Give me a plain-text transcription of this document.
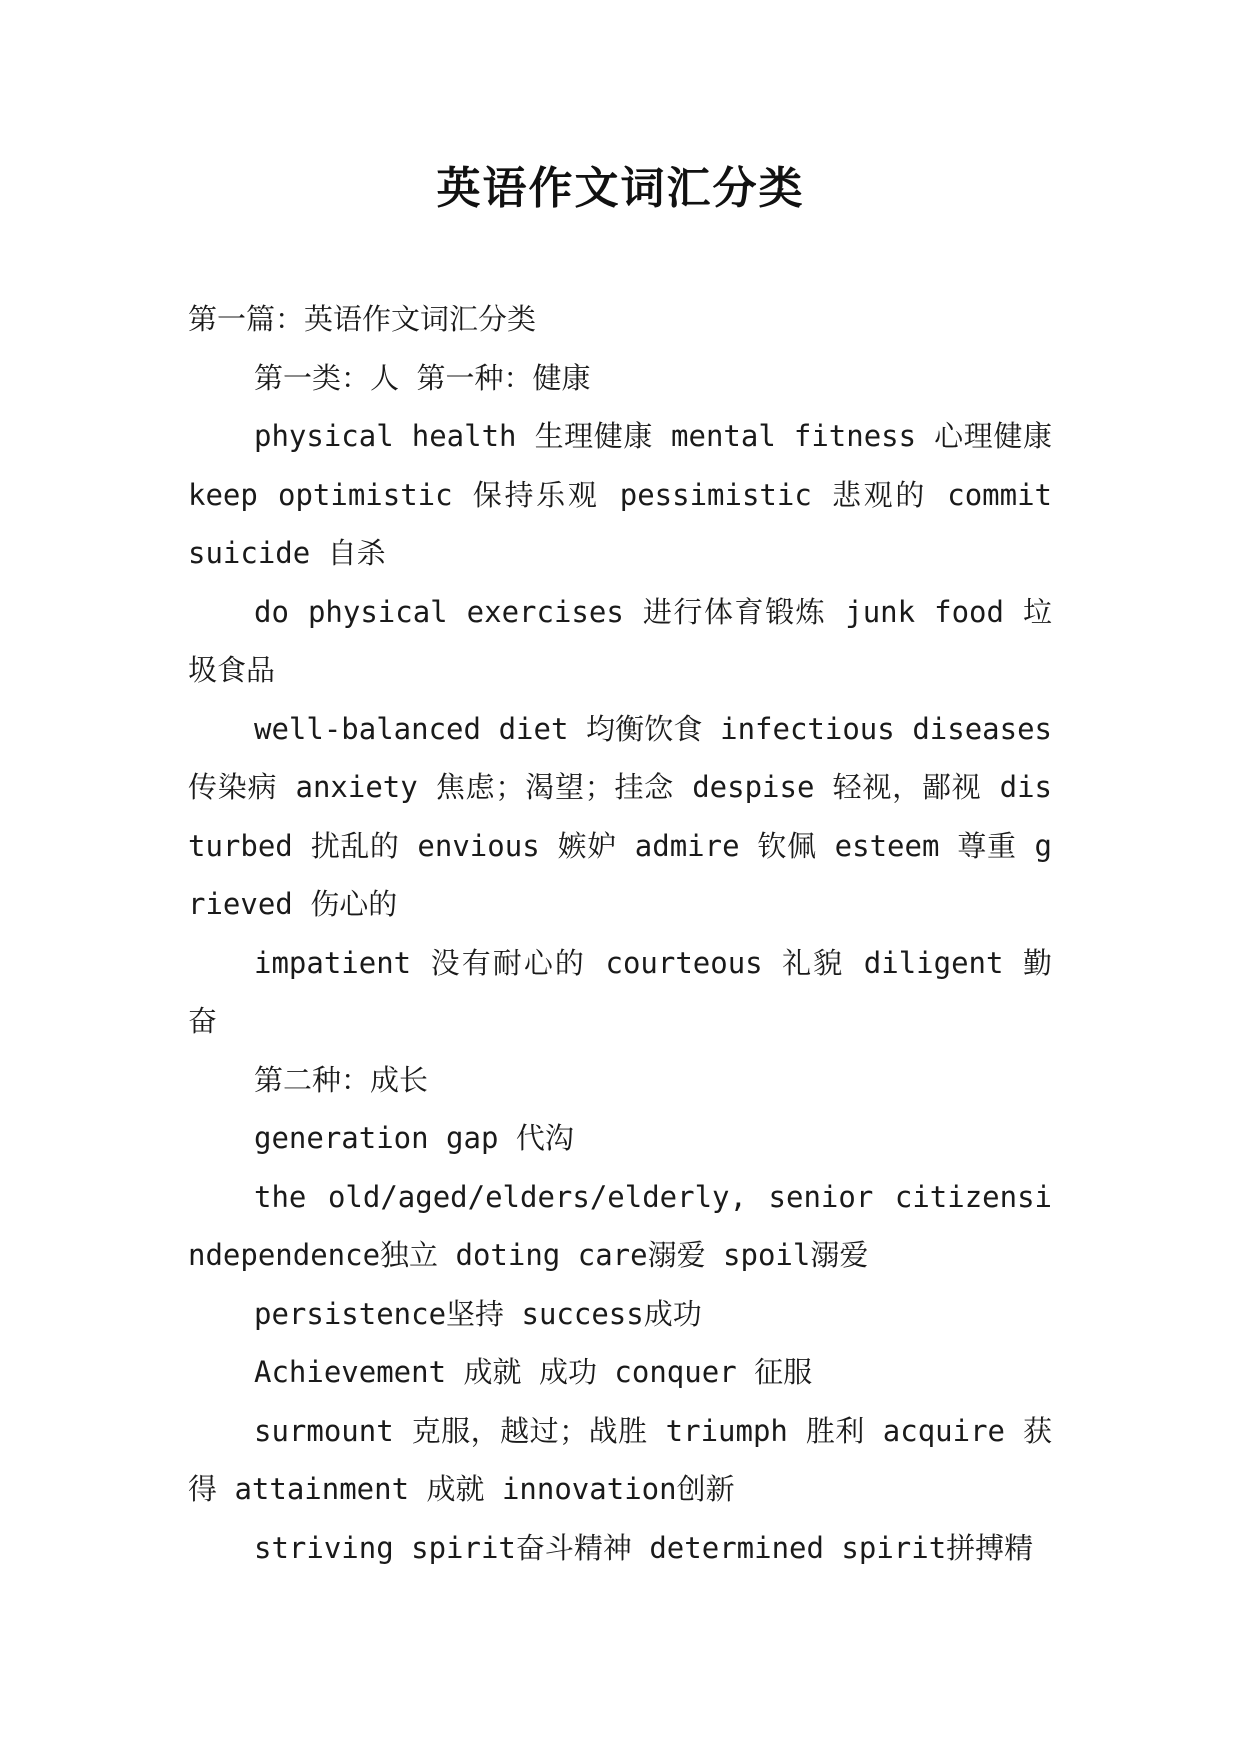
英语作文词汇分类

第一篇：英语作文词汇分类

第一类：人 第一种：健康

physical health 生理健康 mental fitness 心理健康 keep optimistic 保持乐观 pessimistic 悲观的 commit suicide 自杀

do physical exercises 进行体育锻炼 junk food 垃圾食品

well-balanced diet 均衡饮食 infectious diseases 传染病 anxiety 焦虑；渴望；挂念 despise 轻视，鄙视 disturbed 扰乱的 envious 嫉妒 admire 钦佩 esteem 尊重 grieved 伤心的

impatient 没有耐心的 courteous 礼貌 diligent 勤奋

第二种：成长

generation gap 代沟

the old/aged/elders/elderly, senior citizensindependence独立 doting care溺爱 spoil溺爱

persistence坚持 success成功

Achievement 成就 成功 conquer 征服

surmount 克服，越过；战胜 triumph 胜利 acquire 获得 attainment 成就 innovation创新

striving spirit奋斗精神 determined spirit拼搏精
